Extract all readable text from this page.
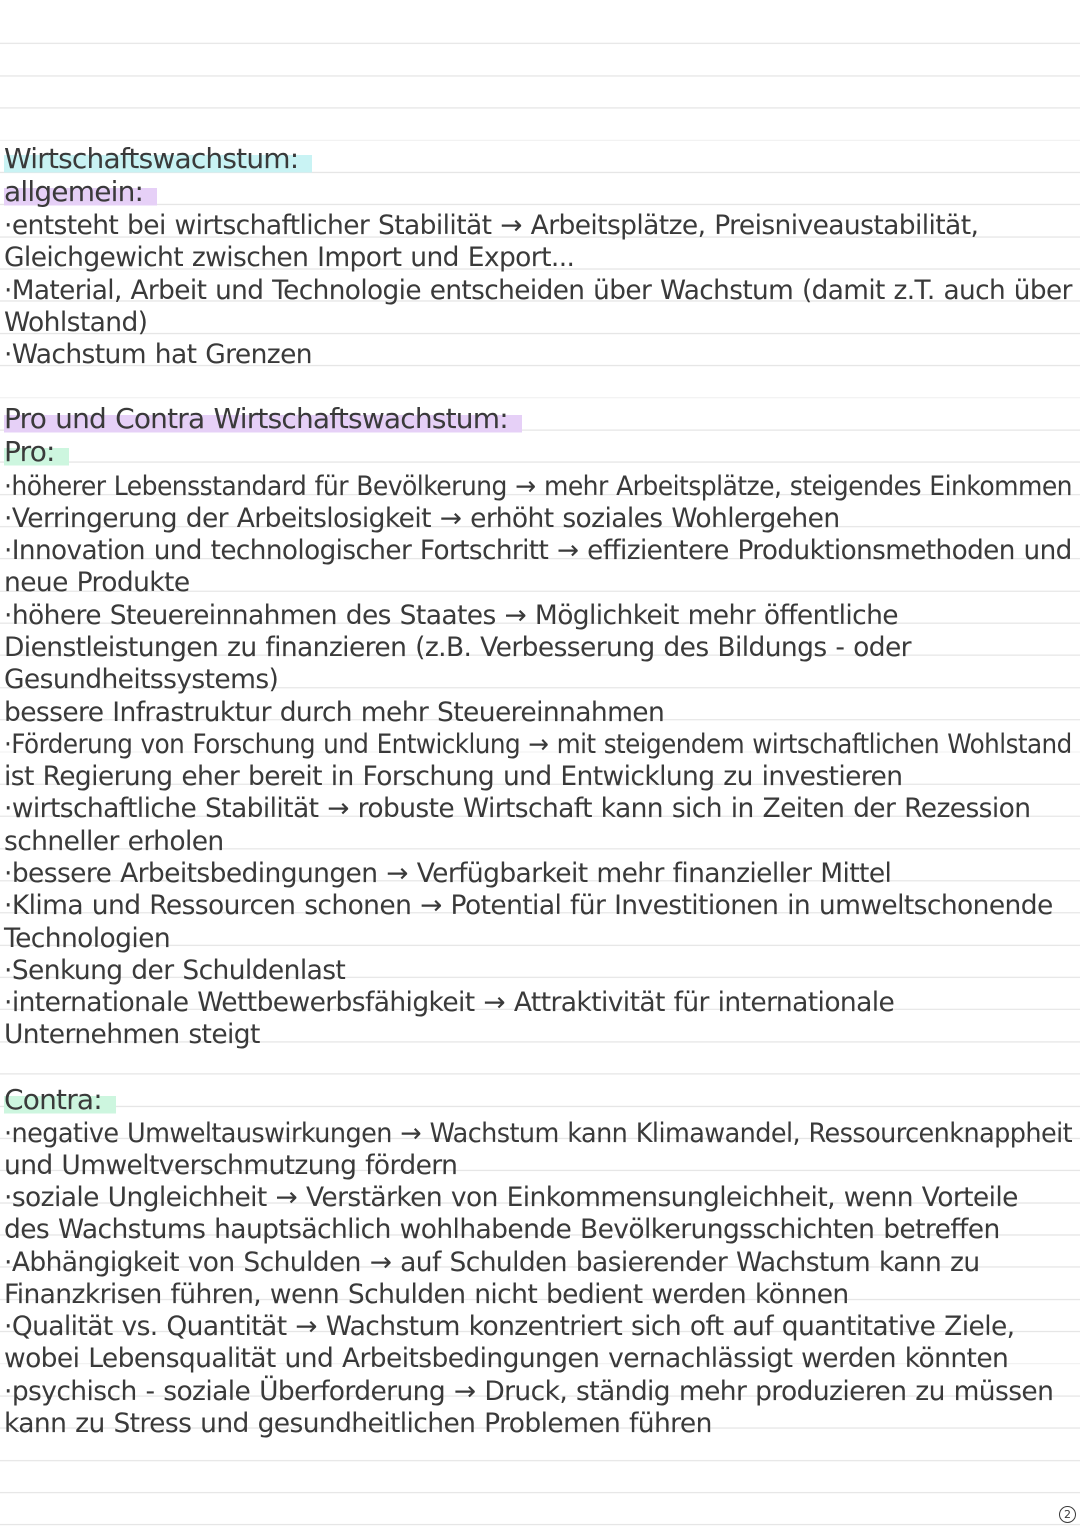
Wirtschaftswachstum:
allgemein:
·entsteht bei wirtschaftlicher Stabilität → Arbeitsplätze, Preisniveaustabilität,
Gleichgewicht zwischen Import und Export...
·Material, Arbeit und Technologie entscheiden über Wachstum (damit z.T. auch über
Wohlstand)
·Wachstum hat Grenzen
Pro und Contra Wirtschaftswachstum:
Pro:
·höherer Lebensstandard für Bevölkerung → mehr Arbeitsplätze, steigendes Einkommen
·Verringerung der Arbeitslosigkeit → erhöht soziales Wohlergehen
·Innovation und technologischer Fortschritt → effizientere Produktionsmethoden und
neue Produkte
·höhere Steuereinnahmen des Staates → Möglichkeit mehr öffentliche
Dienstleistungen zu finanzieren (z.B. Verbesserung des Bildungs - oder
Gesundheitssystems)
bessere Infrastruktur durch mehr Steuereinnahmen
·Förderung von Forschung und Entwicklung → mit steigendem wirtschaftlichen Wohlstand
ist Regierung eher bereit in Forschung und Entwicklung zu investieren
·wirtschaftliche Stabilität → robuste Wirtschaft kann sich in Zeiten der Rezession
schneller erholen
·bessere Arbeitsbedingungen → Verfügbarkeit mehr finanzieller Mittel
·Klima und Ressourcen schonen → Potential für Investitionen in umweltschonende
Technologien
·Senkung der Schuldenlast
·internationale Wettbewerbsfähigkeit → Attraktivität für internationale
Unternehmen steigt
Contra:
·negative Umweltauswirkungen → Wachstum kann Klimawandel, Ressourcenknappheit
und Umweltverschmutzung fördern
·soziale Ungleichheit → Verstärken von Einkommensungleichheit, wenn Vorteile
des Wachstums hauptsächlich wohlhabende Bevölkerungsschichten betreffen
·Abhängigkeit von Schulden → auf Schulden basierender Wachstum kann zu
Finanzkrisen führen, wenn Schulden nicht bedient werden können
·Qualität vs. Quantität → Wachstum konzentriert sich oft auf quantitative Ziele,
wobei Lebensqualität und Arbeitsbedingungen vernachlässigt werden könnten
·psychisch - soziale Überforderung → Druck, ständig mehr produzieren zu müssen
kann zu Stress und gesundheitlichen Problemen führen
2
